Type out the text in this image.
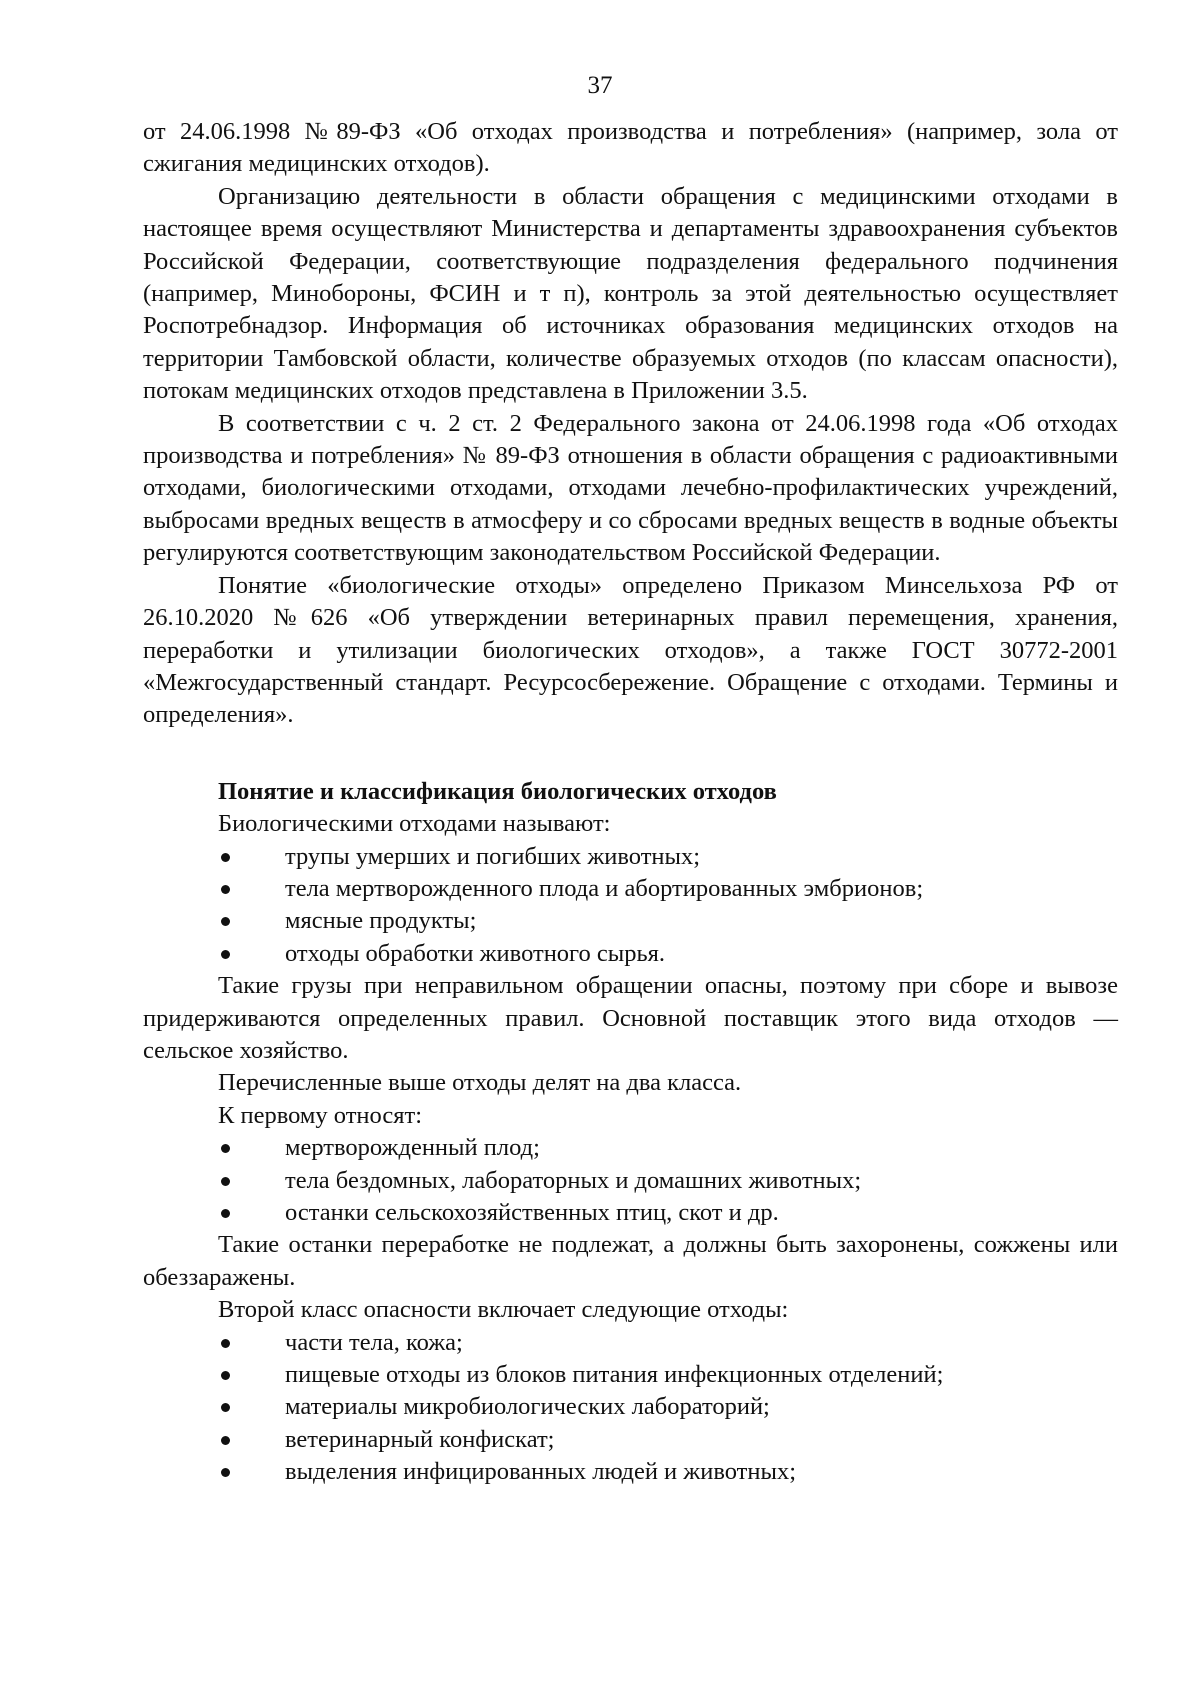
37

от 24.06.1998 №89-ФЗ «Об отходах производства и потребления» (например, зола от сжигания медицинских отходов).

Организацию деятельности в области обращения с медицинскими отходами в настоящее время осуществляют Министерства и департаменты здравоохранения субъектов Российской Федерации, соответствующие подразделения федерального подчинения (например, Минобороны, ФСИН и т п), контроль за этой деятельностью осуществляет Роспотребнадзор. Информация об источниках образования медицинских отходов на территории Тамбовской области, количестве образуемых отходов (по классам опасности), потокам медицинских отходов представлена в Приложении 3.5.

В соответствии с ч. 2 ст. 2 Федерального закона от 24.06.1998 года «Об отходах производства и потребления» № 89-ФЗ отношения в области обращения с радиоактивными отходами, биологическими отходами, отходами лечебно-профилактических учреждений, выбросами вредных веществ в атмосферу и со сбросами вредных веществ в водные объекты регулируются соответствующим законодательством Российской Федерации.

Понятие «биологические отходы» определено Приказом Минсельхоза РФ от 26.10.2020 №626 «Об утверждении ветеринарных правил перемещения, хранения, переработки и утилизации биологических отходов», а также ГОСТ 30772-2001 «Межгосударственный стандарт. Ресурсосбережение. Обращение с отходами. Термины и определения».

Понятие и классификация биологических отходов
Биологическими отходами называют:
трупы умерших и погибших животных;
тела мертворожденного плода и абортированных эмбрионов;
мясные продукты;
отходы обработки животного сырья.

Такие грузы при неправильном обращении опасны, поэтому при сборе и вывозе придерживаются определенных правил. Основной поставщик этого вида отходов — сельское хозяйство.

Перечисленные выше отходы делят на два класса.
К первому относят:
мертворожденный плод;
тела бездомных, лабораторных и домашних животных;
останки сельскохозяйственных птиц, скот и др.

Такие останки переработке не подлежат, а должны быть захоронены, сожжены или обеззаражены.

Второй класс опасности включает следующие отходы:
части тела, кожа;
пищевые отходы из блоков питания инфекционных отделений;
материалы микробиологических лабораторий;
ветеринарный конфискат;
выделения инфицированных людей и животных;
